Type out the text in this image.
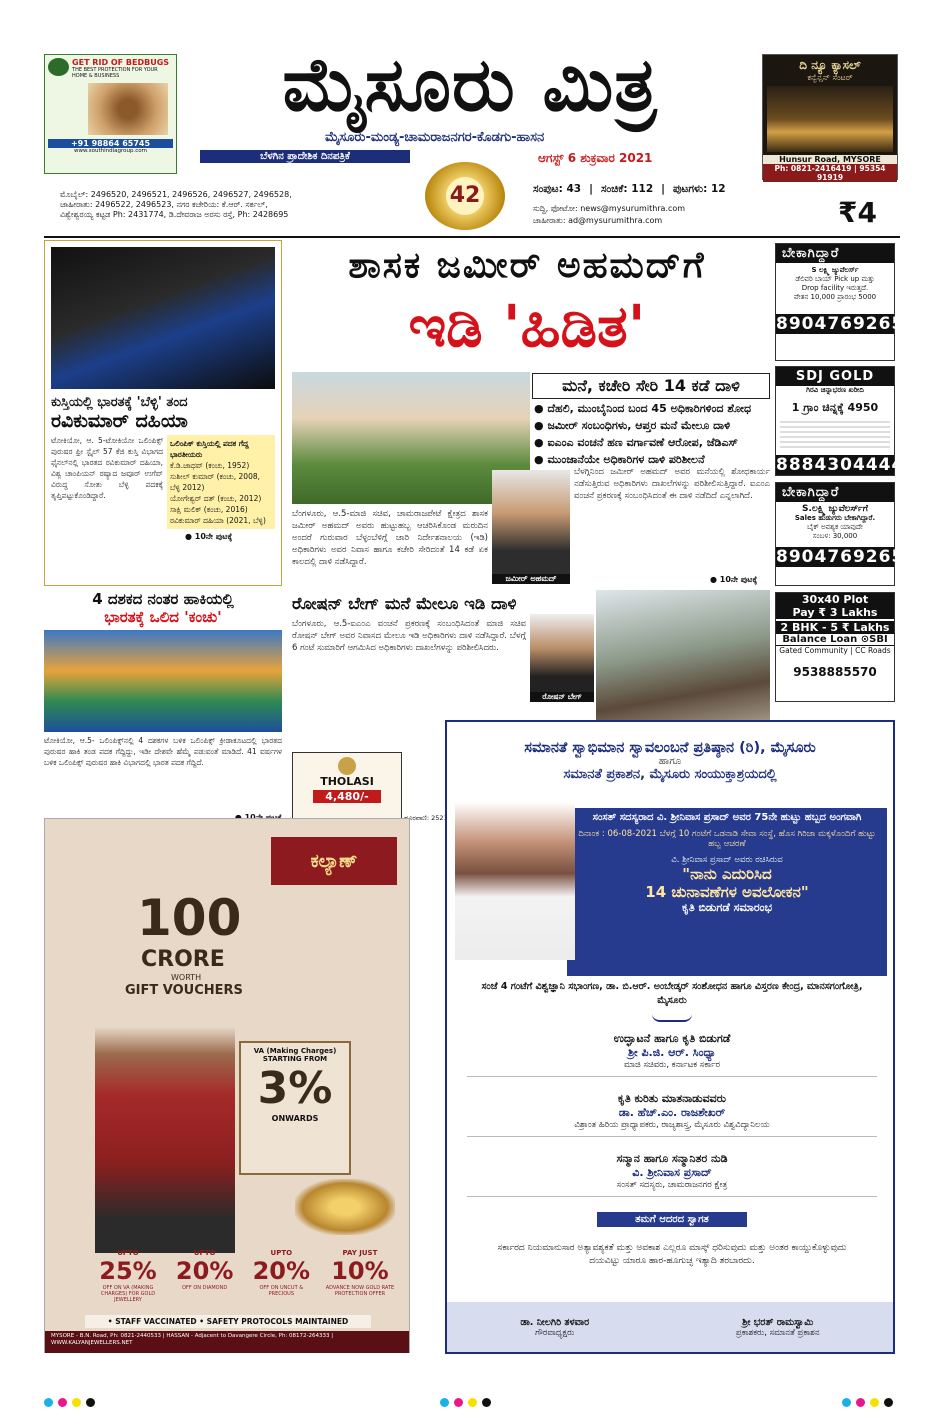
GET RID OF BEDBUGS
THE BEST PROTECTION FOR YOUR HOME & BUSINESS
+91 98864 65745
www.southindiagroup.com
ಮೈಸೂರು ಮಿತ್ರ
ಮೈಸೂರು-ಮಂಡ್ಯ-ಚಾಮರಾಜನಗರ-ಕೊಡಗು-ಹಾಸನ
ಬೆಳಗಿನ ಪ್ರಾದೇಶಿಕ ದಿನಪತ್ರಿಕೆ	ಆಗಸ್ಟ್ 6 ಶುಕ್ರವಾರ 2021
42
ಮೊಬೈಲ್: 2496520, 2496521, 2496526, 2496527, 2496528,
ಜಾಹೀರಾತು: 2496522, 2496523, ನಗರ ಕಚೇರಿಯ: ಕೆ.ಆರ್. ಸರ್ಕಲ್,
ವಿಶ್ವೇಶ್ವರಯ್ಯ ಕಟ್ಟಡ Ph: 2431774, ಡಿ.ದೇವರಾಜ ಅರಸು ರಸ್ತೆ, Ph: 2428695
ಸಂಪುಟ: 43 | ಸಂಚಿಕೆ: 112 | ಪುಟಗಳು: 12
ಸುದ್ದಿ, ಫೋಟೋ: news@mysurumithra.com
ಜಾಹೀರಾತು: ad@mysurumithra.com	₹4
ದಿ ನ್ಯೂ ಕ್ಯಾಸಲ್
ಕನ್ವೆನ್ಷನ್ ಸೆಂಟರ್
Hunsur Road, MYSORE
Ph: 0821-2416419 | 95354 91919
ಕುಸ್ತಿಯಲ್ಲಿ ಭಾರತಕ್ಕೆ 'ಬೆಳ್ಳಿ' ತಂದ
ರವಿಕುಮಾರ್ ದಹಿಯಾ
ಟೋಕಿಯೋ, ಆ. 5-ಟೋಕಿಯೋ ಒಲಿಂಪಿಕ್ಸ್ ಪುರುಷರ ಫ್ರೀ ಸ್ಟೈಲ್ 57 ಕೆಜಿ ಕುಸ್ತಿ ವಿಭಾಗದ ಫೈನಲ್‌ನಲ್ಲಿ ಭಾರತದ ರವಿಕುಮಾರ್ ದಹಿಯಾ, ವಿಶ್ವ ಚಾಂಪಿಯನ್ ರಷ್ಯಾದ ಜವೂರ್ ಉಗೆವ್ ವಿರುದ್ಧ ಸೋತು ಬೆಳ್ಳಿ ಪದಕಕ್ಕೆ ತೃಪ್ತಿಪಟ್ಟುಕೊಂಡಿದ್ದಾರೆ.
ಒಲಿಂಪಿಕ್ ಕುಸ್ತಿಯಲ್ಲಿ ಪದಕ ಗೆದ್ದ ಭಾರತೀಯರು
ಕೆ.ಡಿ.ಜಾಧವ್ (ಕಂಚು, 1952)
ಸುಶೀಲ್ ಕುಮಾರ್ (ಕಂಚು, 2008, ಬೆಳ್ಳಿ 2012)
ಯೋಗೇಶ್ವರ್ ದತ್ (ಕಂಚು, 2012)
ಸಾಕ್ಷಿ ಮಲಿಕ್ (ಕಂಚು, 2016)
ರವಿಕುಮಾರ್ ದಹಿಯಾ (2021, ಬೆಳ್ಳಿ)
● 10ನೇ ಪುಟಕ್ಕೆ
4 ದಶಕದ ನಂತರ ಹಾಕಿಯಲ್ಲಿ
ಭಾರತಕ್ಕೆ ಒಲಿದ 'ಕಂಚು'
ಟೋಕಿಯೋ, ಆ.5- ಒಲಿಂಪಿಕ್ಸ್‌ನಲ್ಲಿ 4 ದಶಕಗಳ ಬಳಿಕ ಒಲಿಂಪಿಕ್ಸ್ ಕ್ರೀಡಾಕೂಟದಲ್ಲಿ ಭಾರತದ ಪುರುಷರ ಹಾಕಿ ತಂಡ ಪದಕ ಗೆದ್ದಿದ್ದು, ಇಡೀ ದೇಶವೇ ಹೆಮ್ಮೆ ಪಡುವಂತೆ ಮಾಡಿದೆ. 41 ವರ್ಷಗಳ ಬಳಿಕ ಒಲಿಂಪಿಕ್ಸ್ ಪುರುಷರ ಹಾಕಿ ವಿಭಾಗದಲ್ಲಿ ಭಾರತ ಪದಕ ಗೆದ್ದಿದೆ.
ಶಾಸಕ ಜಮೀರ್ ಅಹಮದ್‌ಗೆ
ಇಡಿ 'ಹಿಡಿತ'
ಮನೆ, ಕಚೇರಿ ಸೇರಿ 14 ಕಡೆ ದಾಳಿ
● ದೆಹಲಿ, ಮುಂಬೈನಿಂದ ಬಂದ 45 ಅಧಿಕಾರಿಗಳಿಂದ ಶೋಧ
● ಜಮೀರ್ ಸಂಬಂಧಿಗಳು, ಆಪ್ತರ ಮನೆ ಮೇಲೂ ದಾಳಿ
● ಐಎಂಎ ವಂಚನೆ ಹಣ ವರ್ಗಾವಣೆ ಆರೋಪ, ಜೆಡಿಎಸ್
● ಮುಂಜಾನೆಯೇ ಅಧಿಕಾರಿಗಳ ದಾಳಿ ಪರಿಶೀಲನೆ
ಬೆಂಗಳೂರು, ಆ.5-ಮಾಜಿ ಸಚಿವ, ಚಾಮರಾಜಪೇಟೆ ಕ್ಷೇತ್ರದ ಶಾಸಕ ಜಮೀರ್ ಅಹಮದ್ ಅವರು ಹುಟ್ಟುಹಬ್ಬ ಆಚರಿಸಿಕೊಂಡ ಮರುದಿನ ಅಂದರೆ ಗುರುವಾರ ಬೆಳ್ಳಂಬೆಳಿಗ್ಗೆ ಜಾರಿ ನಿರ್ದೇಶನಾಲಯ (ಇಡಿ) ಅಧಿಕಾರಿಗಳು ಅವರ ನಿವಾಸ ಹಾಗೂ ಕಚೇರಿ ಸೇರಿದಂತೆ 14 ಕಡೆ ಏಕ ಕಾಲದಲ್ಲಿ ದಾಳಿ ನಡೆಸಿದ್ದಾರೆ.
ಜಮೀರ್ ಅಹಮದ್
ಬೆಳಗ್ಗಿನಿಂದ ಜಮೀರ್ ಅಹಮದ್ ಅವರ ಮನೆಯಲ್ಲಿ ಶೋಧಕಾರ್ಯ ನಡೆಸುತ್ತಿರುವ ಅಧಿಕಾರಿಗಳು ದಾಖಲೆಗಳನ್ನು ಪರಿಶೀಲಿಸುತ್ತಿದ್ದಾರೆ. ಐಎಂಎ ವಂಚನೆ ಪ್ರಕರಣಕ್ಕೆ ಸಂಬಂಧಿಸಿದಂತೆ ಈ ದಾಳಿ ನಡೆದಿದೆ ಎನ್ನಲಾಗಿದೆ.
● 10ನೇ ಪುಟಕ್ಕೆ
ರೋಷನ್ ಬೇಗ್ ಮನೆ ಮೇಲೂ ಇಡಿ ದಾಳಿ
ಬೆಂಗಳೂರು, ಆ.5-ಐಎಂಎ ವಂಚನೆ ಪ್ರಕರಣಕ್ಕೆ ಸಂಬಂಧಿಸಿದಂತೆ ಮಾಜಿ ಸಚಿವ ರೋಷನ್ ಬೇಗ್ ಅವರ ನಿವಾಸದ ಮೇಲೂ ಇಡಿ ಅಧಿಕಾರಿಗಳು ದಾಳಿ ನಡೆಸಿದ್ದಾರೆ. ಬೆಳಗ್ಗೆ 6 ಗಂಟೆ ಸುಮಾರಿಗೆ ಆಗಮಿಸಿದ ಅಧಿಕಾರಿಗಳು ದಾಖಲೆಗಳನ್ನು ಪರಿಶೀಲಿಸಿದರು.
ರೋಷನ್ ಬೇಗ್
THOLASI
4,480/-
ದೂರವಾಣಿ:
ಬೇಕಾಗಿದ್ದಾರೆ
S ಲಕ್ಷ್ಮಿ ಜ್ಯುವೆಲರ್ಸ್
ಡೆಲಿವರಿ ಬಾಯ್ Pick up ಮತ್ತು
Drop facility ಇರುತ್ತದೆ.
ವೇತನ 10,000 ಪ್ರಾರಂಭ 5000
8904769265
SDJ GOLD
ಗಿರವಿ ಚಿನ್ನಾಭರಣ ಖರೀದಿ
1 ಗ್ರಾಂ ಚಿನ್ನಕ್ಕೆ 4950
8884304444
ಬೇಕಾಗಿದ್ದಾರೆ
S.ಲಕ್ಷ್ಮಿ ಜ್ಯುವೆಲರ್ಸ್‌ಗೆ
Sales ಹುಡುಗರು ಬೇಕಾಗಿದ್ದಾರೆ.
ಬೈಕ್ ಅವಶ್ಯಕ ಯಾವುದೇ
ಸಂಬಳ: 30,000
8904769265
30x40 Plot
Pay ₹ 3 Lakhs
2 BHK - 5 ₹ Lakhs
Balance Loan ⊙SBI
Gated Community | CC Roads
9538885570
ಕಲ್ಯಾಣ್
100
CRORE
WORTH
GIFT VOUCHERS
VA (Making Charges) STARTING FROM
3%
ONWARDS
UPTO
25%
OFF ON VA (MAKING CHARGES) FOR GOLD JEWELLERY
UPTO
20%
OFF ON DIAMOND
UPTO
20%
OFF ON UNCUT & PRECIOUS
PAY JUST
10%
ADVANCE NOW GOLD RATE PROTECTION OFFER
• STAFF VACCINATED • SAFETY PROTOCOLS MAINTAINED
MYSORE - B.N. Road, Ph: 0821-2440533 | HASSAN - Adjacent to Davangere Circle, Ph: 08172-264333 | WWW.KALYANJEWELLERS.NET
ಸಮಾನತೆ ಸ್ವಾಭಿಮಾನ ಸ್ವಾವಲಂಬನೆ ಪ್ರತಿಷ್ಠಾನ (ರಿ), ಮೈಸೂರು
ಹಾಗೂ
ಸಮಾನತೆ ಪ್ರಕಾಶನ, ಮೈಸೂರು ಸಂಯುಕ್ತಾಶ್ರಯದಲ್ಲಿ
ಸಂಸತ್ ಸದಸ್ಯರಾದ ವಿ. ಶ್ರೀನಿವಾಸ ಪ್ರಸಾದ್ ಅವರ 75ನೇ ಹುಟ್ಟು ಹಬ್ಬದ ಅಂಗವಾಗಿ
ದಿನಾಂಕ : 06-08-2021 ಬೆಳಗ್ಗೆ 10 ಗಂಟೆಗೆ ಒಡನಾಡಿ ಸೇವಾ ಸಂಸ್ಥೆ, ಹೊಸ ಗಿರಿಜಾ ಮಕ್ಕಳೊಂದಿಗೆ ಹುಟ್ಟು ಹಬ್ಬ ಆಚರಣೆ
ವಿ. ಶ್ರೀನಿವಾಸ ಪ್ರಸಾದ್ ಅವರು ರಚಿಸಿರುವ
"ನಾನು ಎದುರಿಸಿದ
14 ಚುನಾವಣೆಗಳ ಅವಲೋಕನ"
ಕೃತಿ ಬಿಡುಗಡೆ ಸಮಾರಂಭ
ಸಂಜೆ 4 ಗಂಟೆಗೆ ವಿಶ್ವಜ್ಞಾನಿ ಸಭಾಂಗಣ, ಡಾ. ಬಿ.ಆರ್. ಅಂಬೇಡ್ಕರ್ ಸಂಶೋಧನ ಹಾಗೂ ವಿಸ್ತರಣ ಕೇಂದ್ರ, ಮಾನಸಗಂಗೋತ್ರಿ, ಮೈಸೂರು
ಉದ್ಘಾಟನೆ ಹಾಗೂ ಕೃತಿ ಬಿಡುಗಡೆ
ಶ್ರೀ ಪಿ.ಜಿ. ಆರ್. ಸಿಂಧ್ಯಾ
ಮಾಜಿ ಸಚಿವರು, ಕರ್ನಾಟಕ ಸರ್ಕಾರ
ಕೃತಿ ಕುರಿತು ಮಾತನಾಡುವವರು
ಡಾ. ಹೆಚ್.ಎಂ. ರಾಜಶೇಖರ್
ವಿಶ್ರಾಂತ ಹಿರಿಯ ಪ್ರಾಧ್ಯಾಪಕರು, ರಾಜ್ಯಶಾಸ್ತ್ರ, ಮೈಸೂರು ವಿಶ್ವವಿದ್ಯಾನಿಲಯ
ಸನ್ಮಾನ ಹಾಗೂ ಸನ್ಮಾನಿತರ ನುಡಿ
ವಿ. ಶ್ರೀನಿವಾಸ ಪ್ರಸಾದ್
ಸಂಸತ್ ಸದಸ್ಯರು, ಚಾಮರಾಜನಗರ ಕ್ಷೇತ್ರ
ತಮಗೆ ಆದರದ ಸ್ವಾಗತ
ಸರ್ಕಾರದ ನಿಯಮಾನುಸಾರ ಅತ್ಯಾವಶ್ಯಕತೆ ಮತ್ತು ಅವಕಾಶ ಎಲ್ಲರೂ ಮಾಸ್ಕ್ ಧರಿಸುವುದು ಮತ್ತು ಅಂತರ ಕಾಯ್ದುಕೊಳ್ಳುವುದು ದಯವಿಟ್ಟು ಯಾರೂ ಹಾರ-ಹೂಗುಚ್ಛ ಇತ್ಯಾದಿ ತರಬಾರದು.
ಡಾ. ನೀಲಗಿರಿ ತಳವಾರ
ಗೌರವಾಧ್ಯಕ್ಷರು
ಶ್ರೀ ಭರತ್ ರಾಮಸ್ವಾಮಿ
ಪ್ರಕಾಶಕರು, ಸಮಾನತೆ ಪ್ರಕಾಶನ
